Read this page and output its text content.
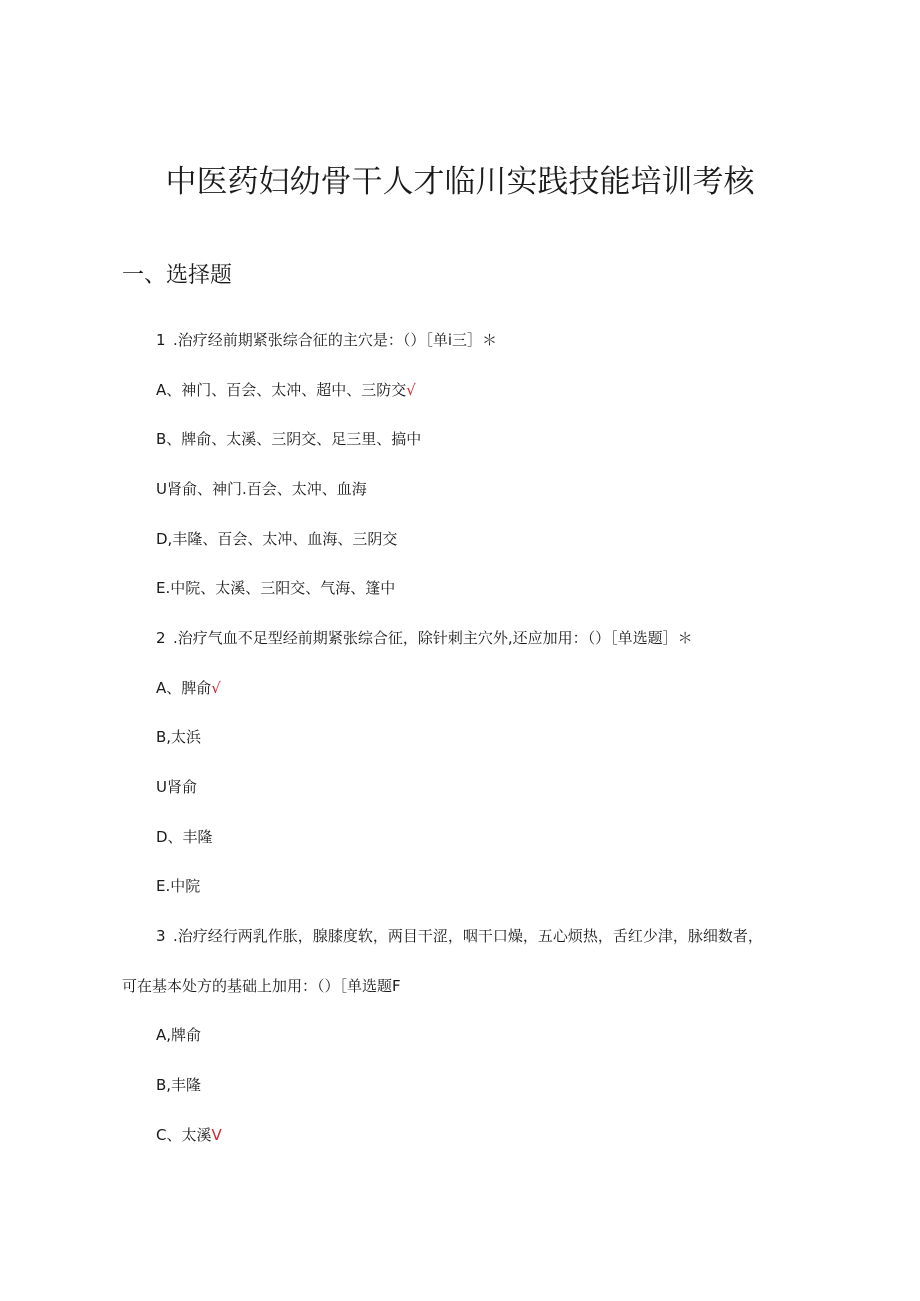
中医药妇幼骨干人才临川实践技能培训考核
一、选择题
1 .治疗经前期紧张综合征的主穴是：（）［单i三］＊
A、神门、百会、太冲、超中、三防交√
B、牌俞、太溪、三阴交、足三里、搞中
U肾俞、神门.百会、太冲、血海
D,丰隆、百会、太冲、血海、三阴交
E.中院、太溪、三阳交、气海、篷中
2 .治疗气血不足型经前期紧张综合征，除针刺主穴外,还应加用：（）［单选题］＊
A、脾俞√
B,太浜
U肾俞
D、丰隆
E.中院
3 .治疗经行两乳作胀，腺膝度软，两目干涩，咽干口燥，五心烦热，舌红少津，脉细数者，
可在基本处方的基础上加用：（）［单选题F
A,牌俞
B,丰隆
C、太溪V
